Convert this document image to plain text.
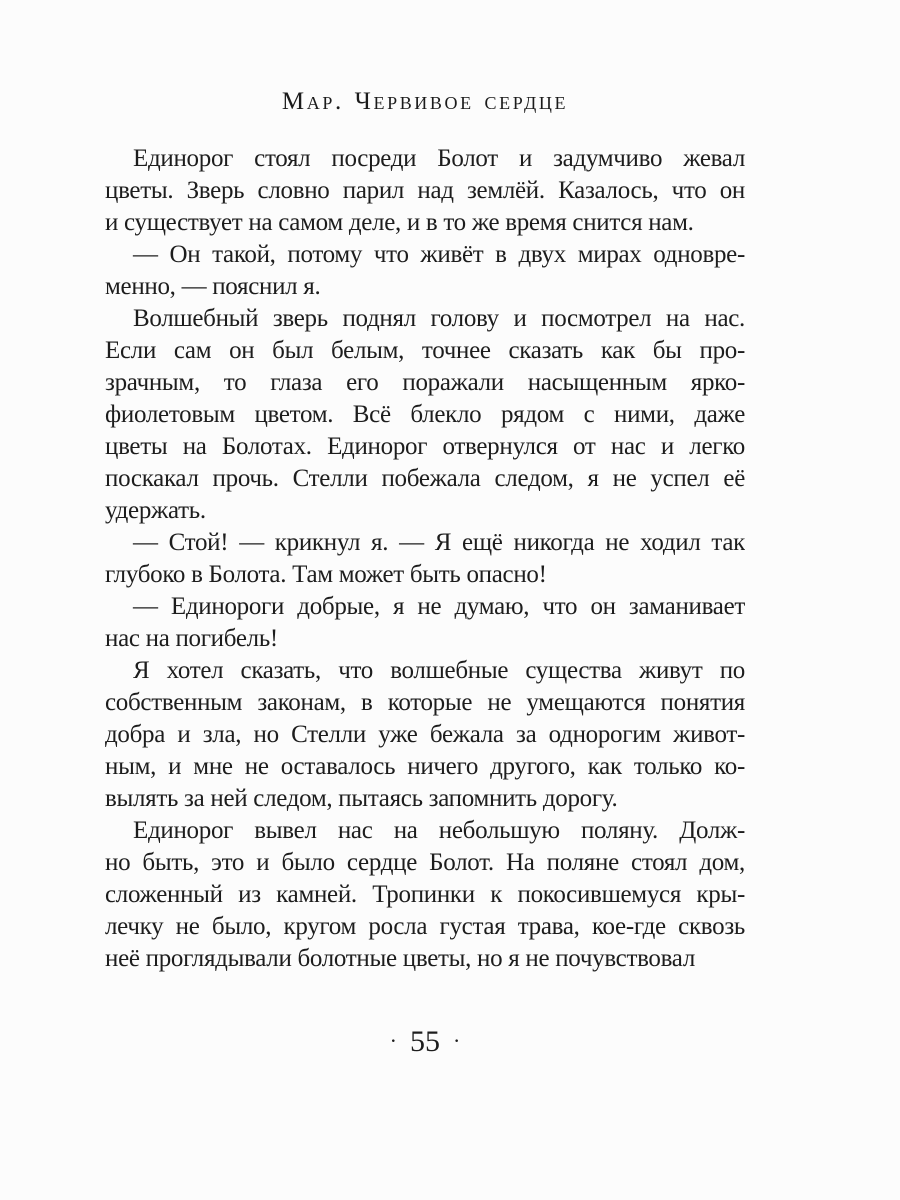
Мар. Червивое сердце
Единорог стоял посреди Болот и задумчиво жевал
цветы. Зверь словно парил над землёй. Казалось, что он
и существует на самом деле, и в то же время снится нам.
— Он такой, потому что живёт в двух мирах одновре-
менно, — пояснил я.
Волшебный зверь поднял голову и посмотрел на нас.
Если сам он был белым, точнее сказать как бы про-
зрачным, то глаза его поражали насыщенным ярко-
фиолетовым цветом. Всё блекло рядом с ними, даже
цветы на Болотах. Единорог отвернулся от нас и легко
поскакал прочь. Стелли побежала следом, я не успел её
удержать.
— Стой! — крикнул я. — Я ещё никогда не ходил так
глубоко в Болота. Там может быть опасно!
— Единороги добрые, я не думаю, что он заманивает
нас на погибель!
Я хотел сказать, что волшебные существа живут по
собственным законам, в которые не умещаются понятия
добра и зла, но Стелли уже бежала за однорогим живот-
ным, и мне не оставалось ничего другого, как только ко-
вылять за ней следом, пытаясь запомнить дорогу.
Единорог вывел нас на небольшую поляну. Долж-
но быть, это и было сердце Болот. На поляне стоял дом,
сложенный из камней. Тропинки к покосившемуся кры-
лечку не было, кругом росла густая трава, кое-где сквозь
неё проглядывали болотные цветы, но я не почувствовал
· 55 ·
